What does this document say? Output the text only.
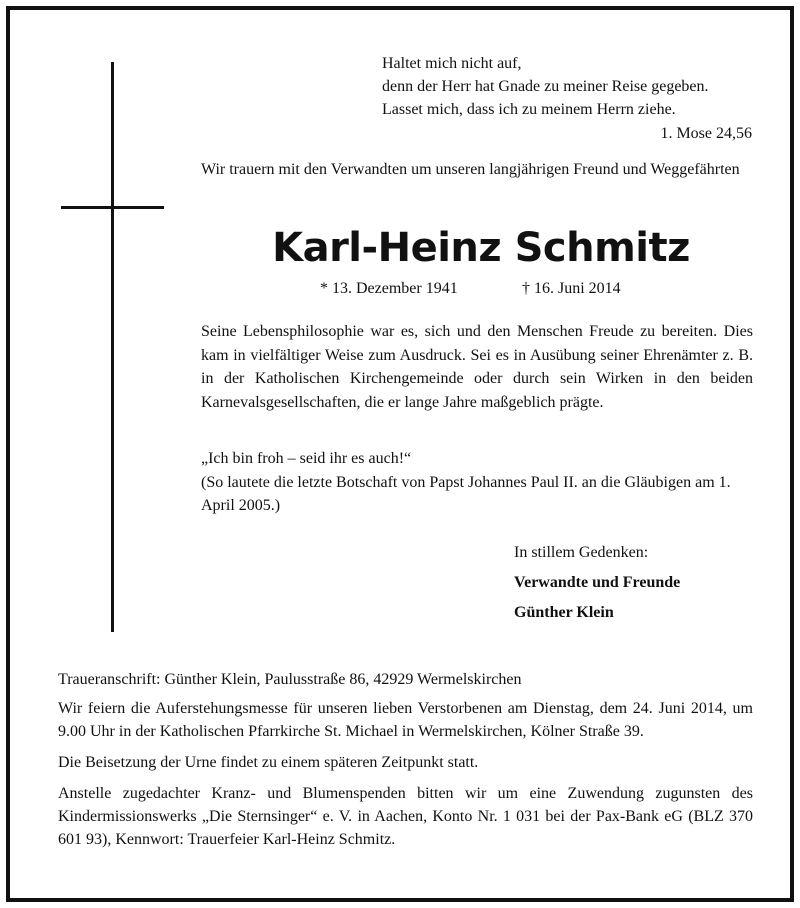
Haltet mich nicht auf,
denn der Herr hat Gnade zu meiner Reise gegeben.
Lasset mich, dass ich zu meinem Herrn ziehe.
1. Mose 24,56
Wir trauern mit den Verwandten um unseren langjährigen Freund und Weggefährten
Karl-Heinz Schmitz
* 13. Dezember 1941	† 16. Juni 2014

Seine Lebensphilosophie war es, sich und den Menschen Freude zu bereiten. Dies kam in vielfältiger Weise zum Ausdruck. Sei es in Ausübung seiner Ehrenämter z. B. in der Katholischen Kirchengemeinde oder durch sein Wirken in den beiden Karnevalsgesellschaften, die er lange Jahre maßgeblich prägte.

„Ich bin froh – seid ihr es auch!“
(So lautete die letzte Botschaft von Papst Johannes Paul II. an die Gläubigen am 1. April 2005.)
In stillem Gedenken:
Verwandte und Freunde
Günther Klein

Traueranschrift: Günther Klein, Paulusstraße 86, 42929 Wermelskirchen

Wir feiern die Auferstehungsmesse für unseren lieben Verstorbenen am Dienstag, dem 24. Juni 2014, um 9.00 Uhr in der Katholischen Pfarrkirche St. Michael in Wermelskirchen, Kölner Straße 39.

Die Beisetzung der Urne findet zu einem späteren Zeitpunkt statt.

Anstelle zugedachter Kranz- und Blumenspenden bitten wir um eine Zuwendung zugunsten des Kindermissionswerks „Die Sternsinger“ e. V. in Aachen, Konto Nr. 1 031 bei der Pax-Bank eG (BLZ 370 601 93), Kennwort: Trauerfeier Karl-Heinz Schmitz.
